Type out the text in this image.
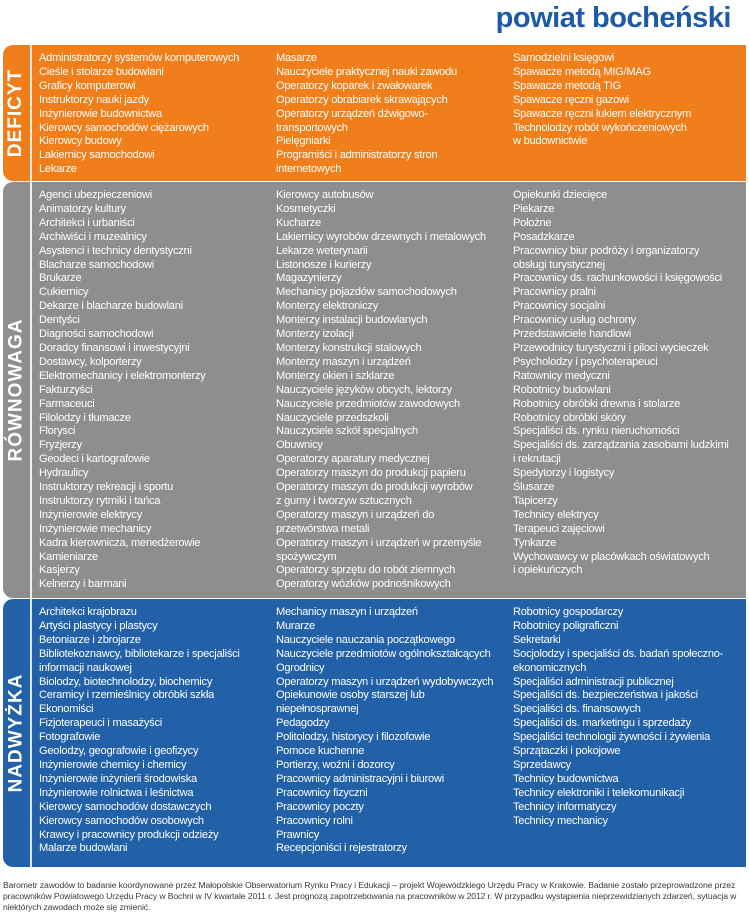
powiat bocheński
DEFICYT
Administratorzy systemów komputerowych
Cieśle i stolarze budowlani
Graficy komputerowi
Instruktorzy nauki jazdy
Inżynierowie budownictwa
Kierowcy samochodów ciężarowych
Kierowcy budowy
Lakiernicy samochodowi
Lekarze
Masarze
Nauczyciele praktycznej nauki zawodu
Operatorzy koparek i zwałowarek
Operatorzy obrabiarek skrawających
Operatorzy urządzeń dźwigowo-
transportowych
Pielęgniarki
Programiści i administratorzy stron
internetowych
Samodzielni księgowi
Spawacze metodą MIG/MAG
Spawacze metodą TIG
Spawacze ręczni gazowi
Spawacze ręczni łukiem elektrycznym
Technolodzy robót wykończeniowych
w budownictwie
RÓWNOWAGA
Agenci ubezpieczeniowi
Animatorzy kultury
Architekci i urbaniści
Archiwiści i muzealnicy
Asystenci i technicy dentystyczni
Blacharze samochodowi
Brukarze
Cukiernicy
Dekarze i blacharze budowlani
Dentyści
Diagności samochodowi
Doradcy finansowi i inwestycyjni
Dostawcy, kolporterzy
Elektromechanicy i elektromonterzy
Fakturzyści
Farmaceuci
Filolodzy i tłumacze
Florysci
Fryzjerzy
Geodeci i kartografowie
Hydraulicy
Instruktorzy rekreacji i sportu
Instruktorzy rytmiki i tańca
Inżynierowie elektrycy
Inżynierowie mechanicy
Kadra kierownicza, menedżerowie
Kamieniarze
Kasjerzy
Kelnerzy i barmani
Kierowcy autobusów
Kosmetyczki
Kucharze
Lakiernicy wyrobów drzewnych i metalowych
Lekarze weterynarii
Listonosze i kurierzy
Magazynierzy
Mechanicy pojazdów samochodowych
Monterzy elektroniczy
Monterzy instalacji budowlanych
Monterzy izolacji
Monterzy konstrukcji stalowych
Monterzy maszyn i urządzeń
Monterzy okien i szklarze
Nauczyciele języków obcych, lektorzy
Nauczyciele przedmiotów zawodowych
Nauczyciele przedszkoli
Nauczyciele szkół specjalnych
Obuwnicy
Operatorzy aparatury medycznej
Operatorzy maszyn do produkcji papieru
Operatorzy maszyn do produkcji wyrobów
z gumy i tworzyw sztucznych
Operatorzy maszyn i urządzeń do
przetwórstwa metali
Operatorzy maszyn i urządzeń w przemyśle
spożywczym
Operatorzy sprzętu do robót ziemnych
Operatorzy wózków podnośnikowych
Opiekunki dziecięce
Piekarze
Położne
Posadzkarze
Pracownicy biur podróży i organizatorzy
obsługi turystycznej
Pracownicy ds. rachunkowości i księgowości
Pracownicy pralni
Pracownicy socjalni
Pracownicy usług ochrony
Przedstawiciele handlowi
Przewodnicy turystyczni i piloci wycieczek
Psycholodzy i psychoterapeuci
Ratownicy medyczni
Robotnicy budowlani
Robotnicy obróbki drewna i stolarze
Robotnicy obróbki skóry
Specjaliści ds. rynku nieruchomości
Specjaliści ds. zarządzania zasobami ludzkimi
i rekrutacji
Spedytorzy i logistycy
Ślusarze
Tapicerzy
Technicy elektrycy
Terapeuci zajęciowi
Tynkarze
Wychowawcy w placówkach oświatowych
i opiekuńczych
NADWYŻKA
Architekci krajobrazu
Artyści plastycy i plastycy
Betoniarze i zbrojarze
Bibliotekoznawcy, bibliotekarze i specjaliści
informacji naukowej
Biolodzy, biotechnolodzy, biochemicy
Ceramicy i rzemieślnicy obróbki szkła
Ekonomiści
Fizjoterapeuci i masażyści
Fotografowie
Geolodzy, geografowie i geofizycy
Inżynierowie chemicy i chemicy
Inżynierowie inżynierii środowiska
Inżynierowie rolnictwa i leśnictwa
Kierowcy samochodów dostawczych
Kierowcy samochodów osobowych
Krawcy i pracownicy produkcji odzieży
Malarze budowlani
Mechanicy maszyn i urządzeń
Murarze
Nauczyciele nauczania początkowego
Nauczyciele przedmiotów ogólnokształcących
Ogrodnicy
Operatorzy maszyn i urządzeń wydobywczych
Opiekunowie osoby starszej lub
niepełnosprawnej
Pedagodzy
Politolodzy, historycy i filozofowie
Pomoce kuchenne
Portierzy, woźni i dozorcy
Pracownicy administracyjni i biurowi
Pracownicy fizyczni
Pracownicy poczty
Pracownicy rolni
Prawnicy
Recepcjoniści i rejestratorzy
Robotnicy gospodarczy
Robotnicy poligraficzni
Sekretarki
Socjolodzy i specjaliści ds. badań społeczno-
ekonomicznych
Specjaliści administracji publicznej
Specjaliści ds. bezpieczeństwa i jakości
Specjaliści ds. finansowych
Specjaliści ds. marketingu i sprzedaży
Specjaliści technologii żywności i żywienia
Sprzątaczki i pokojowe
Sprzedawcy
Technicy budownictwa
Technicy elektroniki i telekomunikacji
Technicy informatyczy
Technicy mechanicy
Barometr zawodów to badanie koordynowane przez Małopolskie Obserwatorium Rynku Pracy i Edukacji – projekt Wojewódzkiego Urzędu Pracy w Krakowie. Badanie zostało przeprowadzone przez pracowników Powiatowego Urzędu Pracy w Bochni w IV kwartale 2011 r. Jest prognozą zapotrzebowania na pracowników w 2012 r. W przypadku wystąpienia nieprzewidzianych zdarzeń, sytuacja w niektórych zawodach może się zmienić.
